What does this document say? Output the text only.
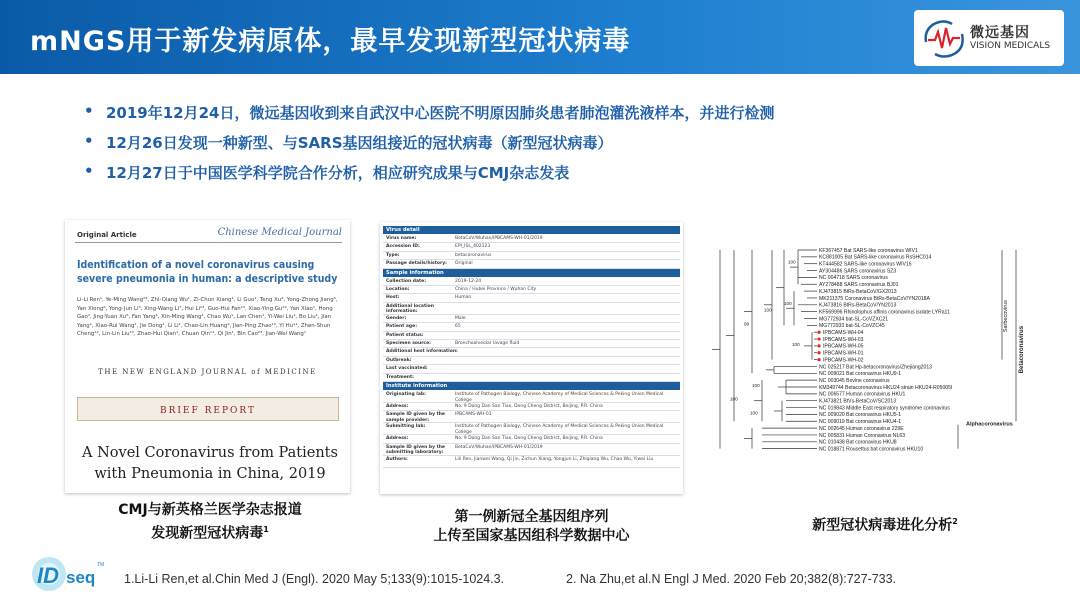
mNGS用于新发病原体，最早发现新型冠状病毒	微远基因
VISION MEDICALS
• 2019年12月24日，微远基因收到来自武汉中心医院不明原因肺炎患者肺泡灌洗液样本，并进行检测
• 12月26日发现一种新型、与SARS基因组接近的冠状病毒（新型冠状病毒）
• 12月27日于中国医学科学院合作分析，相应研究成果与CMJ杂志发表
Original Article	Chinese Medical Journal
Identification of a novel coronavirus causing severe pneumonia in human: a descriptive study
Li-Li Ren¹, Ye-Ming Wang²³, Zhi-Qiang Wu¹, Zi-Chun Xiang¹, Li Guo¹, Teng Xu⁴, Yong-Zhong Jiang⁵, Yan Xiong⁶, Yong-Jun Li⁵, Xing-Wang Li⁷, Hui Li²³, Guo-Hui Fan²³, Xiao-Ying Gu²³, Yan Xiao¹, Hong Gao⁴, Jing-Yuan Xu⁸, Fan Yang¹, Xin-Ming Wang¹, Chao Wu¹, Lan Chen¹, Yi-Wei Liu¹, Bo Liu¹, Jian Yang¹, Xiao-Rui Wang¹, Jie Dong¹, Li Li¹, Chao-Lin Huang⁹, Jian-Ping Zhao¹⁰, Yi Hu¹¹, Zhen-Shun Cheng¹², Lin-Lin Liu¹³, Zhao-Hui Qian¹, Chuan Qin¹⁴, Qi Jin¹, Bin Cao²³, Jian-Wei Wang¹
THE NEW ENGLAND JOURNAL of MEDICINE
BRIEF REPORT
A Novel Coronavirus from Patients with Pneumonia in China, 2019
CMJ与新英格兰医学杂志报道
发现新型冠状病毒$^1$
Virus detail
Virus name:	BetaCoV/Wuhan/IPBCAMS-WH-01/2019
Accession ID:	EPI_ISL_402123
Type:	betacoronavirus
Passage details/history: Original
Sample information
Collection date:	2019-12-24
Location:	China / Hubei Province / Wuhan City
Host:	Human
Additional location information:
Gender:	Male
Patient age:	65
Patient status:
Specimen source:	Bronchoalveolar lavage fluid
Additional host information:
Outbreak:
Last vaccinated:
Treatment:
Institute information
Originating lab:	Institute of Pathogen Biology, Chinese Academy of Medical Sciences & Peking Union Medical College
Address:	No. 9 Dong Dan San Tiao, Dong Cheng District, Beijing, P.R. China
Sample ID given by the sample provider:
IPBCAMS-WH-01
Submitting lab:	Institute of Pathogen Biology, Chinese Academy of Medical Sciences & Peking Union Medical College
Address:	No. 9 Dong Dan San Tiao, Dong Cheng District, Beijing, P.R. China
Sample ID given by the submitting laboratory:
BetaCoV/Wuhan/IPBCAMS-WH-01/2019
Authors:	Lili Ren, Jianwei Wang, Qi Jin, Zichun Xiang, Yongjun Li, Zhiqiang Wu, Chao Wu, Yiwei Liu
第一例新冠全基因组序列
上传至国家基因组科学数据中心
KF367457 Bat SARS-like coronavirus WIV1
KC881005 Bat SARS-like coronavirus RsSHC014
KT444582 SARS-like coronavirus WIV16
AY304486 SARS coronavirus SZ3
NC 004718 SARS coronavirus
AY278488 SARS coronavirus BJ01
KJ473815 BtRs-BetaCoV/GX2013
MK211375 Coronavirus BtRs-BetaCoV/YN2018A
KJ473816 BtRs-BetaCoV/YN2013
KF569996 Rhinolophus affinis coronavirus isolate LYRa11
MG772934 bat-SL-CoVZXC21
MG772933 bat-SL-CoVZC45
IPBCAMS-WH-04
IPBCAMS-WH-03
IPBCAMS-WH-05
IPBCAMS-WH-01
IPBCAMS-WH-02
NC 025217 Bat Hp-betacoronavirus/Zhejiang2013
NC 009021 Bat coronavirus HKU9-1
NC 003045 Bovine coronavirus
KM349744 Betacoronavirus HKU24 strain HKU24-R05005I
NC 006577 Human coronavirus HKU1
KJ473821 BtVs-BetaCoV/SC2013
NC 019843 Middle East respiratory syndrome coronavirus
NC 009020 Bat coronavirus HKU5-1
NC 009019 Bat coronavirus HKU4-1
NC 002645 Human coronavirus 229E
NC 005831 Human Coronavirus NL63
NC 010438 Bat coronavirus HKU8
NC 018871 Rousettus bat coronavirus HKU10
100
100
100
100
99
100
100
100
Sarbecovirus
Betacoronavirus
Alphacoronavirus
新型冠状病毒进化分析$^2$
ID seq
TM
1.Li-Li Ren,et al.Chin Med J (Engl). 2020 May 5;133(9):1015-1024.3.	2. Na Zhu,et al.N Engl J Med. 2020 Feb 20;382(8):727-733.
